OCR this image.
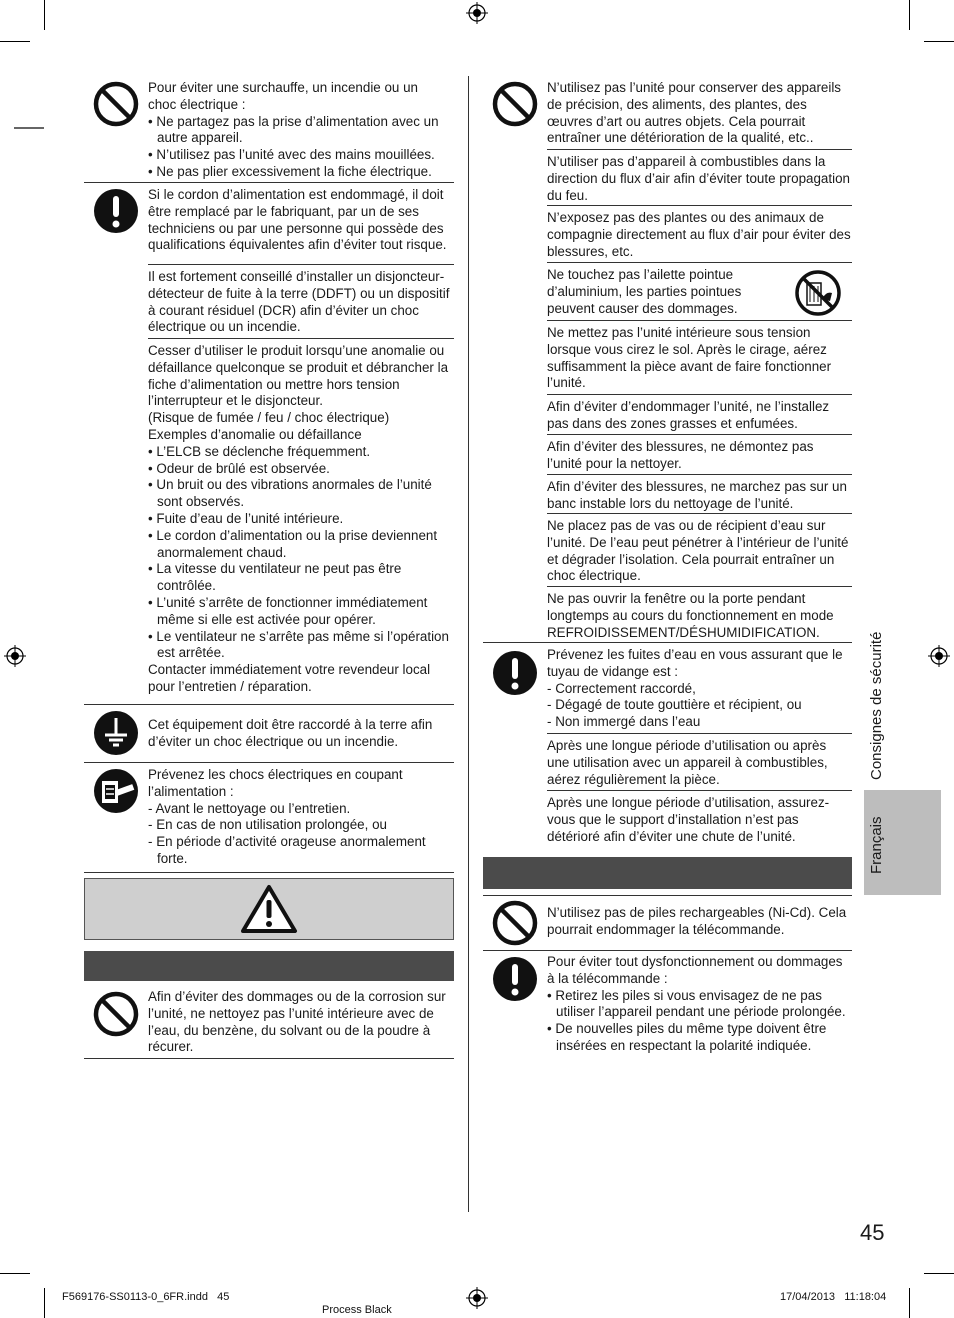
Pour éviter une surchauffe, un incendie ou un
choc électrique :
• Ne partagez pas la prise d’alimentation avec un autre appareil.
• N’utilisez pas l’unité avec des mains mouillées.
• Ne pas plier excessivement la fiche électrique.
Si le cordon d’alimentation est endommagé, il doit être remplacé par le fabriquant, par un de ses techniciens ou par une personne qui possède des qualifications équivalentes afin d’éviter tout risque.
Il est fortement conseillé d’installer un disjoncteur-détecteur de fuite à la terre (DDFT) ou un dispositif à courant résiduel (DCR) afin d’éviter un choc électrique ou un incendie.
Cesser d’utiliser le produit lorsqu’une anomalie ou défaillance quelconque se produit et débrancher la fiche d’alimentation ou mettre hors tension l’interrupteur et le disjoncteur.
(Risque de fumée / feu / choc électrique)
Exemples d’anomalie ou défaillance
• L’ELCB se déclenche fréquemment.
• Odeur de brûlé est observée.
• Un bruit ou des vibrations anormales de l’unité sont observés.
• Fuite d’eau de l’unité intérieure.
• Le cordon d’alimentation ou la prise deviennent anormalement chaud.
• La vitesse du ventilateur ne peut pas être contrôlée.
• L’unité s’arrête de fonctionner immédiatement même si elle est activée pour opérer.
• Le ventilateur ne s’arrête pas même si l’opération est arrêtée.
Contacter immédiatement votre revendeur local pour l’entretien / réparation.
Cet équipement doit être raccordé à la terre afin d’éviter un choc électrique ou un incendie.
Prévenez les chocs électriques en coupant l’alimentation :
- Avant le nettoyage ou l’entretien.
- En cas de non utilisation prolongée, ou
- En période d’activité orageuse anormalement forte.
Afin d’éviter des dommages ou de la corrosion sur l’unité, ne nettoyez pas l’unité intérieure avec de l’eau, du benzène, du solvant ou de la poudre à récurer.
N’utilisez pas l’unité pour conserver des appareils de précision, des aliments, des plantes, des œuvres d’art ou autres objets. Cela pourrait entraîner une détérioration de la qualité, etc..
N’utiliser pas d’appareil à combustibles dans la direction du flux d’air afin d’éviter toute propagation du feu.
N’exposez pas des plantes ou des animaux de compagnie directement au flux d’air pour éviter des blessures, etc.
Ne touchez pas l’ailette pointue d’aluminium, les parties pointues peuvent causer des dommages.
Ne mettez pas l’unité intérieure sous tension lorsque vous cirez le sol. Après le cirage, aérez suffisamment la pièce avant de faire fonctionner l’unité.
Afin d’éviter d’endommager l’unité, ne l’installez pas dans des zones grasses et enfumées.
Afin d’éviter des blessures, ne démontez pas l’unité pour la nettoyer.
Afin d’éviter des blessures, ne marchez pas sur un banc instable lors du nettoyage de l’unité.
Ne placez pas de vas ou de récipient d’eau sur l’unité. De l’eau peut pénétrer à l’intérieur de l’unité et dégrader l’isolation. Cela pourrait entraîner un choc électrique.
Ne pas ouvrir la fenêtre ou la porte pendant longtemps au cours du fonctionnement en mode REFROIDISSEMENT/DÉSHUMIDIFICATION.
Prévenez les fuites d’eau en vous assurant que le tuyau de vidange est :
- Correctement raccordé,
- Dégagé de toute gouttière et récipient, ou
- Non immergé dans l’eau
Après une longue période d’utilisation ou après une utilisation avec un appareil à combustibles, aérez régulièrement la pièce.
Après une longue période d’utilisation, assurez-vous que le support d’installation n’est pas détérioré afin d’éviter une chute de l’unité.
N’utilisez pas de piles rechargeables (Ni-Cd). Cela pourrait endommager la télécommande.
Pour éviter tout dysfonctionnement ou dommages à la télécommande :
• Retirez les piles si vous envisagez de ne pas utiliser l’appareil pendant une période prolongée.
• De nouvelles piles du même type doivent être insérées en respectant la polarité indiquée.
Consignes de sécurité
Français
45
F569176-SS0113-0_6FR.indd   45
Process Black
17/04/2013   11:18:04
